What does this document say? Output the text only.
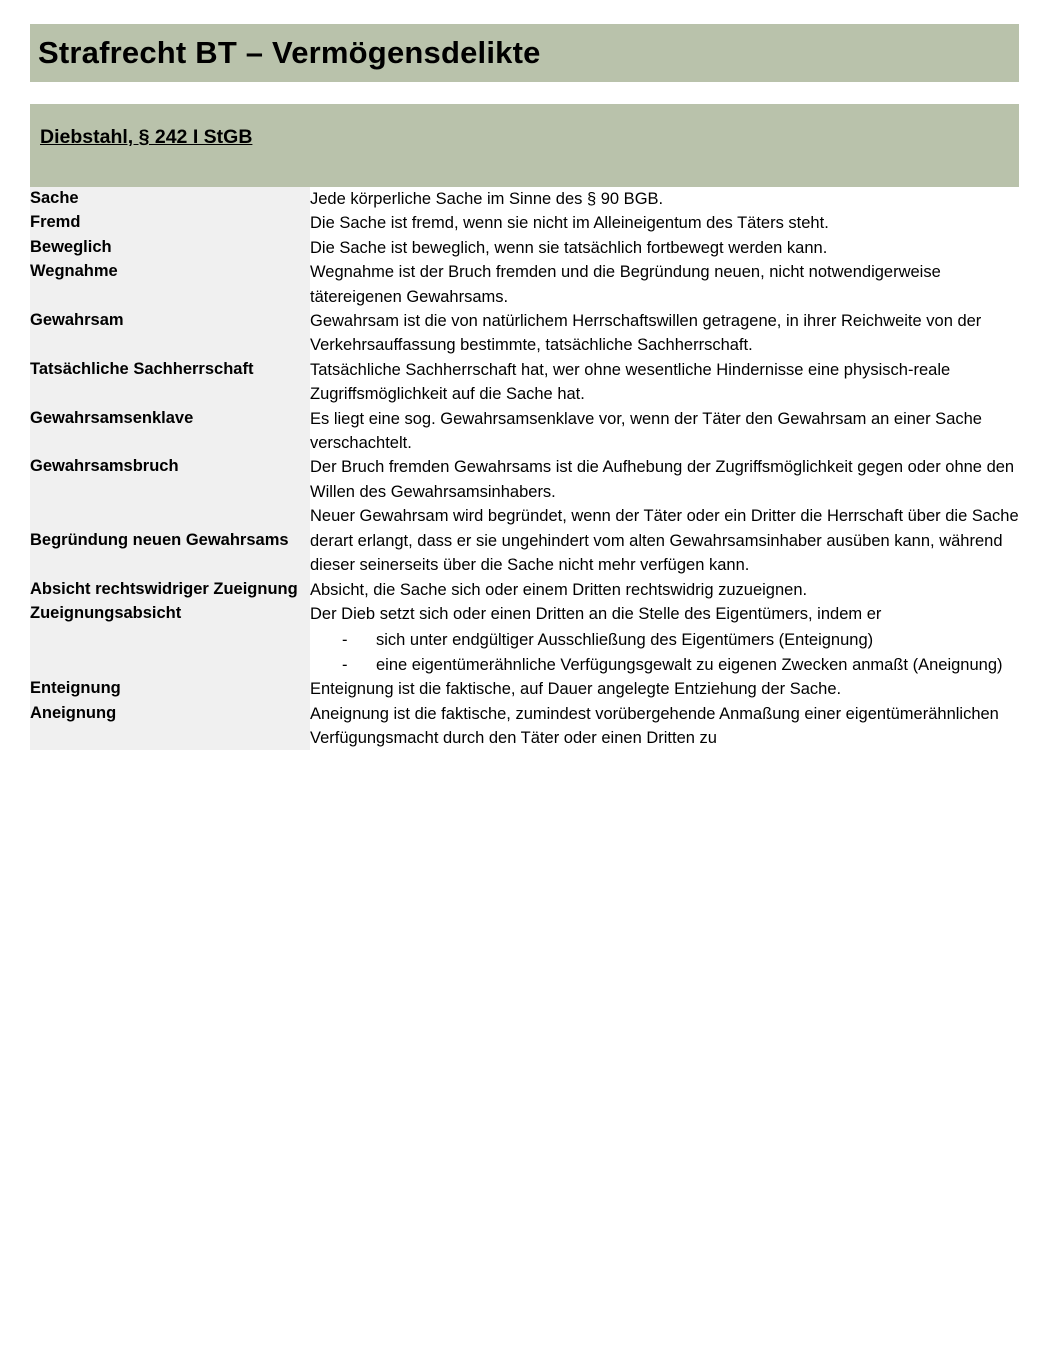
Strafrecht BT – Vermögensdelikte
Diebstahl, § 242 I StGB
Sache	Jede körperliche Sache im Sinne des § 90 BGB.

Fremd	Die Sache ist fremd, wenn sie nicht im Alleineigentum des Täters steht.

Beweglich	Die Sache ist beweglich, wenn sie tatsächlich fortbewegt werden kann.

Wegnahme	Wegnahme ist der Bruch fremden und die Begründung neuen, nicht notwendigerweise tätereigenen Gewahrsams.

Gewahrsam	Gewahrsam ist die von natürlichem Herrschaftswillen getragene, in ihrer Reichweite von der Verkehrsauffassung bestimmte, tatsächliche Sachherrschaft.

Tatsächliche Sachherrschaft	Tatsächliche Sachherrschaft hat, wer ohne wesentliche Hindernisse eine physisch-reale Zugriffsmöglichkeit auf die Sache hat.

Gewahrsamsenklave	Es liegt eine sog. Gewahrsamsenklave vor, wenn der Täter den Gewahrsam an einer Sache verschachtelt.

Gewahrsamsbruch	Der Bruch fremden Gewahrsams ist die Aufhebung der Zugriffsmöglichkeit gegen oder ohne den Willen des Gewahrsamsinhabers.

Begründung neuen Gewahrsams	Neuer Gewahrsam wird begründet, wenn der Täter oder ein Dritter die Herrschaft über die Sache derart erlangt, dass er sie ungehindert vom alten Gewahrsamsinhaber ausüben kann, während dieser seinerseits über die Sache nicht mehr verfügen kann.

Absicht rechtswidriger Zueignung	Absicht, die Sache sich oder einem Dritten rechtswidrig zuzueignen.

Zueignungsabsicht	Der Dieb setzt sich oder einen Dritten an die Stelle des Eigentümers, indem er
- sich unter endgültiger Ausschließung des Eigentümers (Enteignung)
- eine eigentümerähnliche Verfügungsgewalt zu eigenen Zwecken anmaßt (Aneignung)

Enteignung	Enteignung ist die faktische, auf Dauer angelegte Entziehung der Sache.

Aneignung	Aneignung ist die faktische, zumindest vorübergehende Anmaßung einer eigentümerähnlichen Verfügungsmacht durch den Täter oder einen Dritten zu
